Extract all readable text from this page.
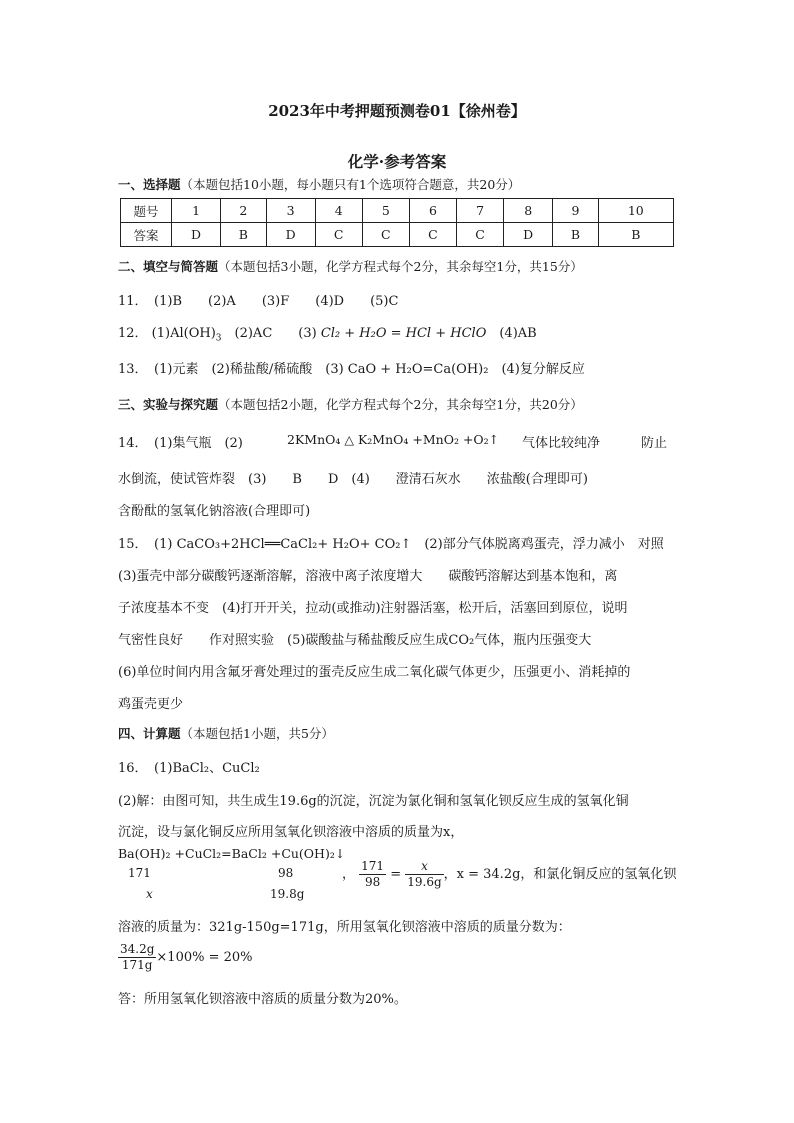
2023年中考押题预测卷01【徐州卷】
化学·参考答案
一、选择题（本题包括10小题，每小题只有1个选项符合题意，共20分）
题号	1	2	3	4	5	6	7	8	9	10
答案	D	B	D	C	C	C	C	D	B	B
二、填空与简答题（本题包括3小题，化学方程式每个2分，其余每空1分，共15分）
11．　(1)B　　(2)A　　(3)F　　(4)D　　(5)C
12． $(1)Al(OH)_3$　(2)AC　　(3) Cl₂ + H₂O = HCl + HClO　(4)AB
13．　(1)元素　(2)稀盐酸/稀硫酸　(3) CaO + H₂O=Ca(OH)₂　(4)复分解反应
三、实验与探究题（本题包括2小题，化学方程式每个2分，其余每空1分，共20分）
14．　(1)集气瓶　(2)	2KMnO₄ △ K₂MnO₄ +MnO₂ +O₂↑ 气体比较纯净	防止
水倒流，使试管炸裂　(3)　　B　　D　(4)　　澄清石灰水　　浓盐酸(合理即可)
含酚酞的氢氧化钠溶液(合理即可)
15．　(1) CaCO₃+2HCl══CaCl₂+ H₂O+ CO₂↑　(2)部分气体脱离鸡蛋壳，浮力减小　对照
(3)蛋壳中部分碳酸钙逐渐溶解，溶液中离子浓度增大　　碳酸钙溶解达到基本饱和，离
子浓度基本不变　(4)打开开关，拉动(或推动)注射器活塞，松开后，活塞回到原位，说明
气密性良好　　作对照实验　(5)碳酸盐与稀盐酸反应生成CO₂气体，瓶内压强变大
(6)单位时间内用含氟牙膏处理过的蛋壳反应生成二氧化碳气体更少，压强更小、消耗掉的
鸡蛋壳更少
四、计算题（本题包括1小题，共5分）
16．　(1)BaCl₂、CuCl₂
(2)解：由图可知，共生成生19.6g的沉淀，沉淀为氯化铜和氢氧化钡反应生成的氢氧化铜
沉淀，设与氯化铜反应所用氢氧化钡溶液中溶质的质量为x，
Ba(OH)₂ +CuCl₂=BaCl₂ +Cu(OH)₂↓
171	98
x	19.8g
， $\frac{171}{98} = \frac{x}{19.6g}$ ，x = 34.2g，和氯化铜反应的氢氧化钡
溶液的质量为：321g-150g=171g，所用氢氧化钡溶液中溶质的质量分数为：
$\frac{34.2g}{171g} \times 100\% = 20\%$
答：所用氢氧化钡溶液中溶质的质量分数为20%。
